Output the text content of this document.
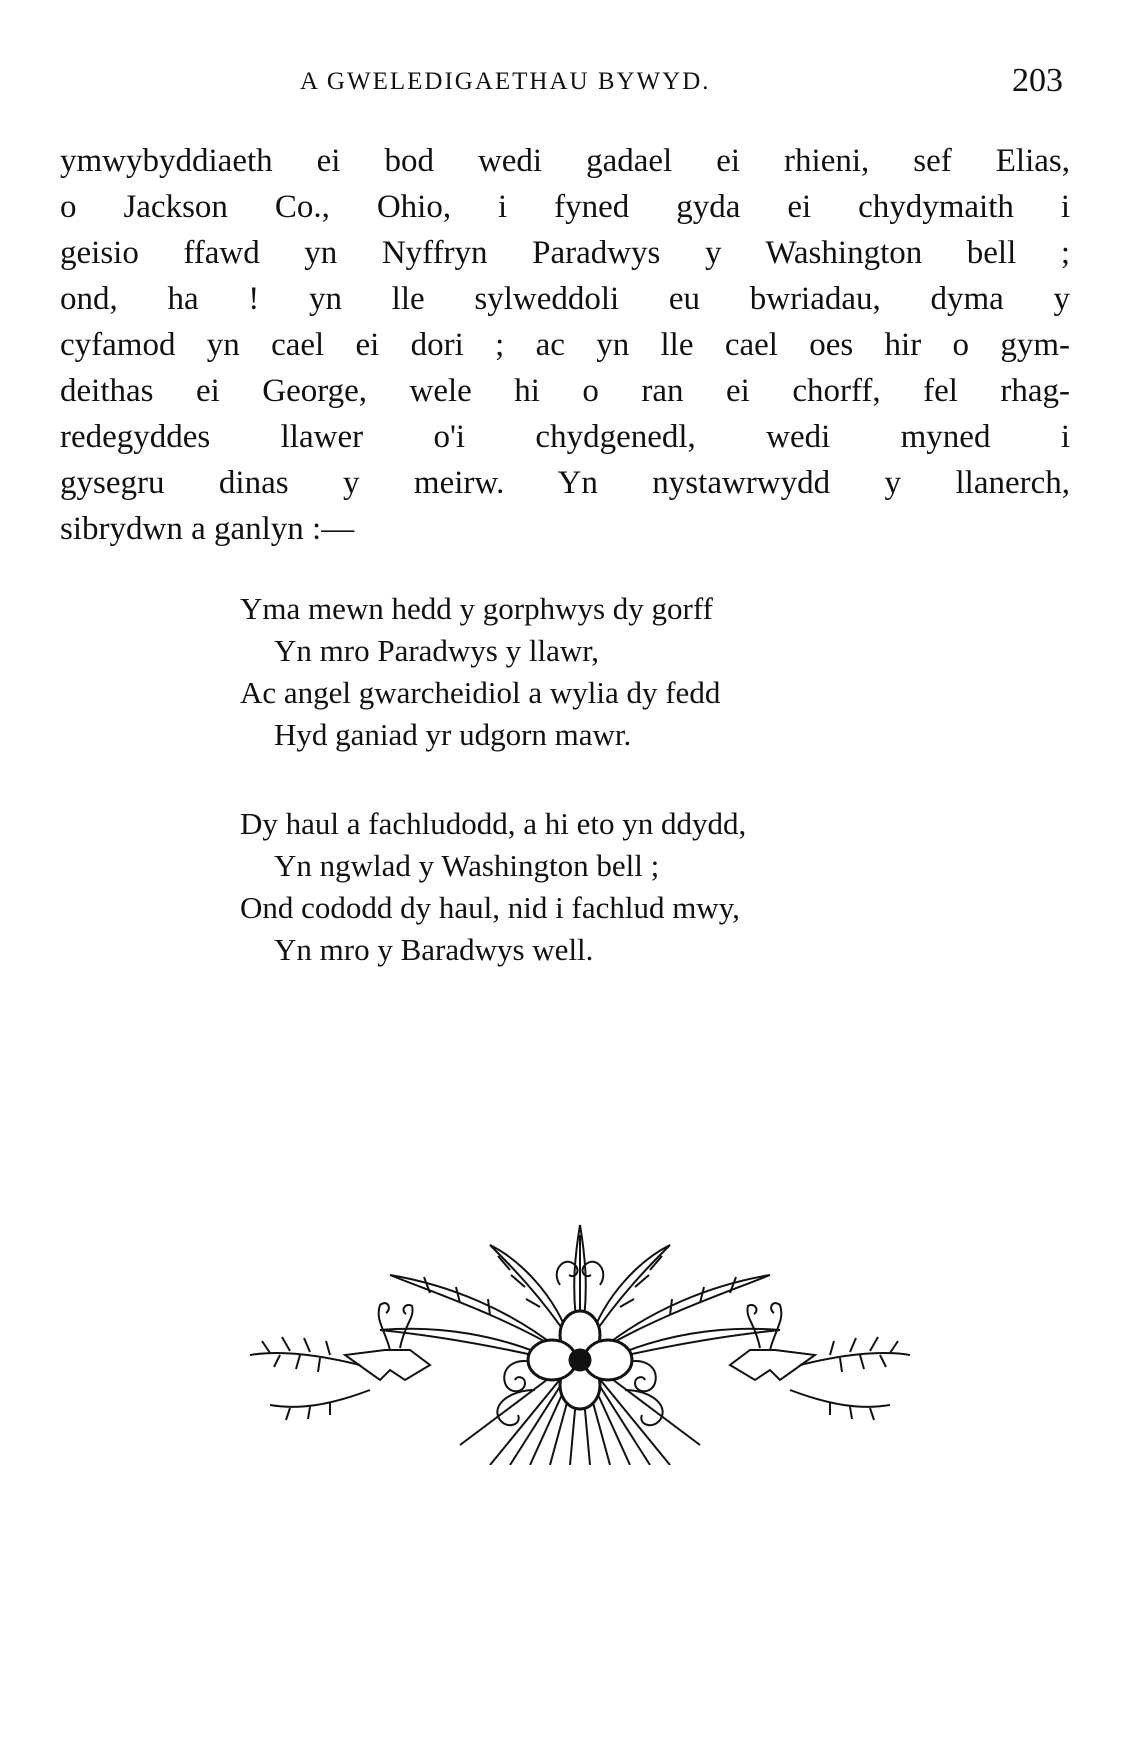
A GWELEDIGAETHAU BYWYD.	203
ymwybyddiaeth ei bod wedi gadael ei rhieni, sef Elias,
o Jackson Co., Ohio, i fyned gyda ei chydymaith i
geisio ffawd yn Nyffryn Paradwys y Washington bell ;
ond, ha ! yn lle sylweddoli eu bwriadau, dyma y
cyfamod yn cael ei dori ; ac yn lle cael oes hir o gym-
deithas ei George, wele hi o ran ei chorff, fel rhag-
redegyddes llawer o'i chydgenedl, wedi myned i
gysegru dinas y meirw. Yn nystawrwydd y llanerch,
sibrydwn a ganlyn :—
Yma mewn hedd y gorphwys dy gorff
Yn mro Paradwys y llawr,
Ac angel gwarcheidiol a wylia dy fedd
Hyd ganiad yr udgorn mawr.
Dy haul a fachludodd, a hi eto yn ddydd,
Yn ngwlad y Washington bell ;
Ond cododd dy haul, nid i fachlud mwy,
Yn mro y Baradwys well.
